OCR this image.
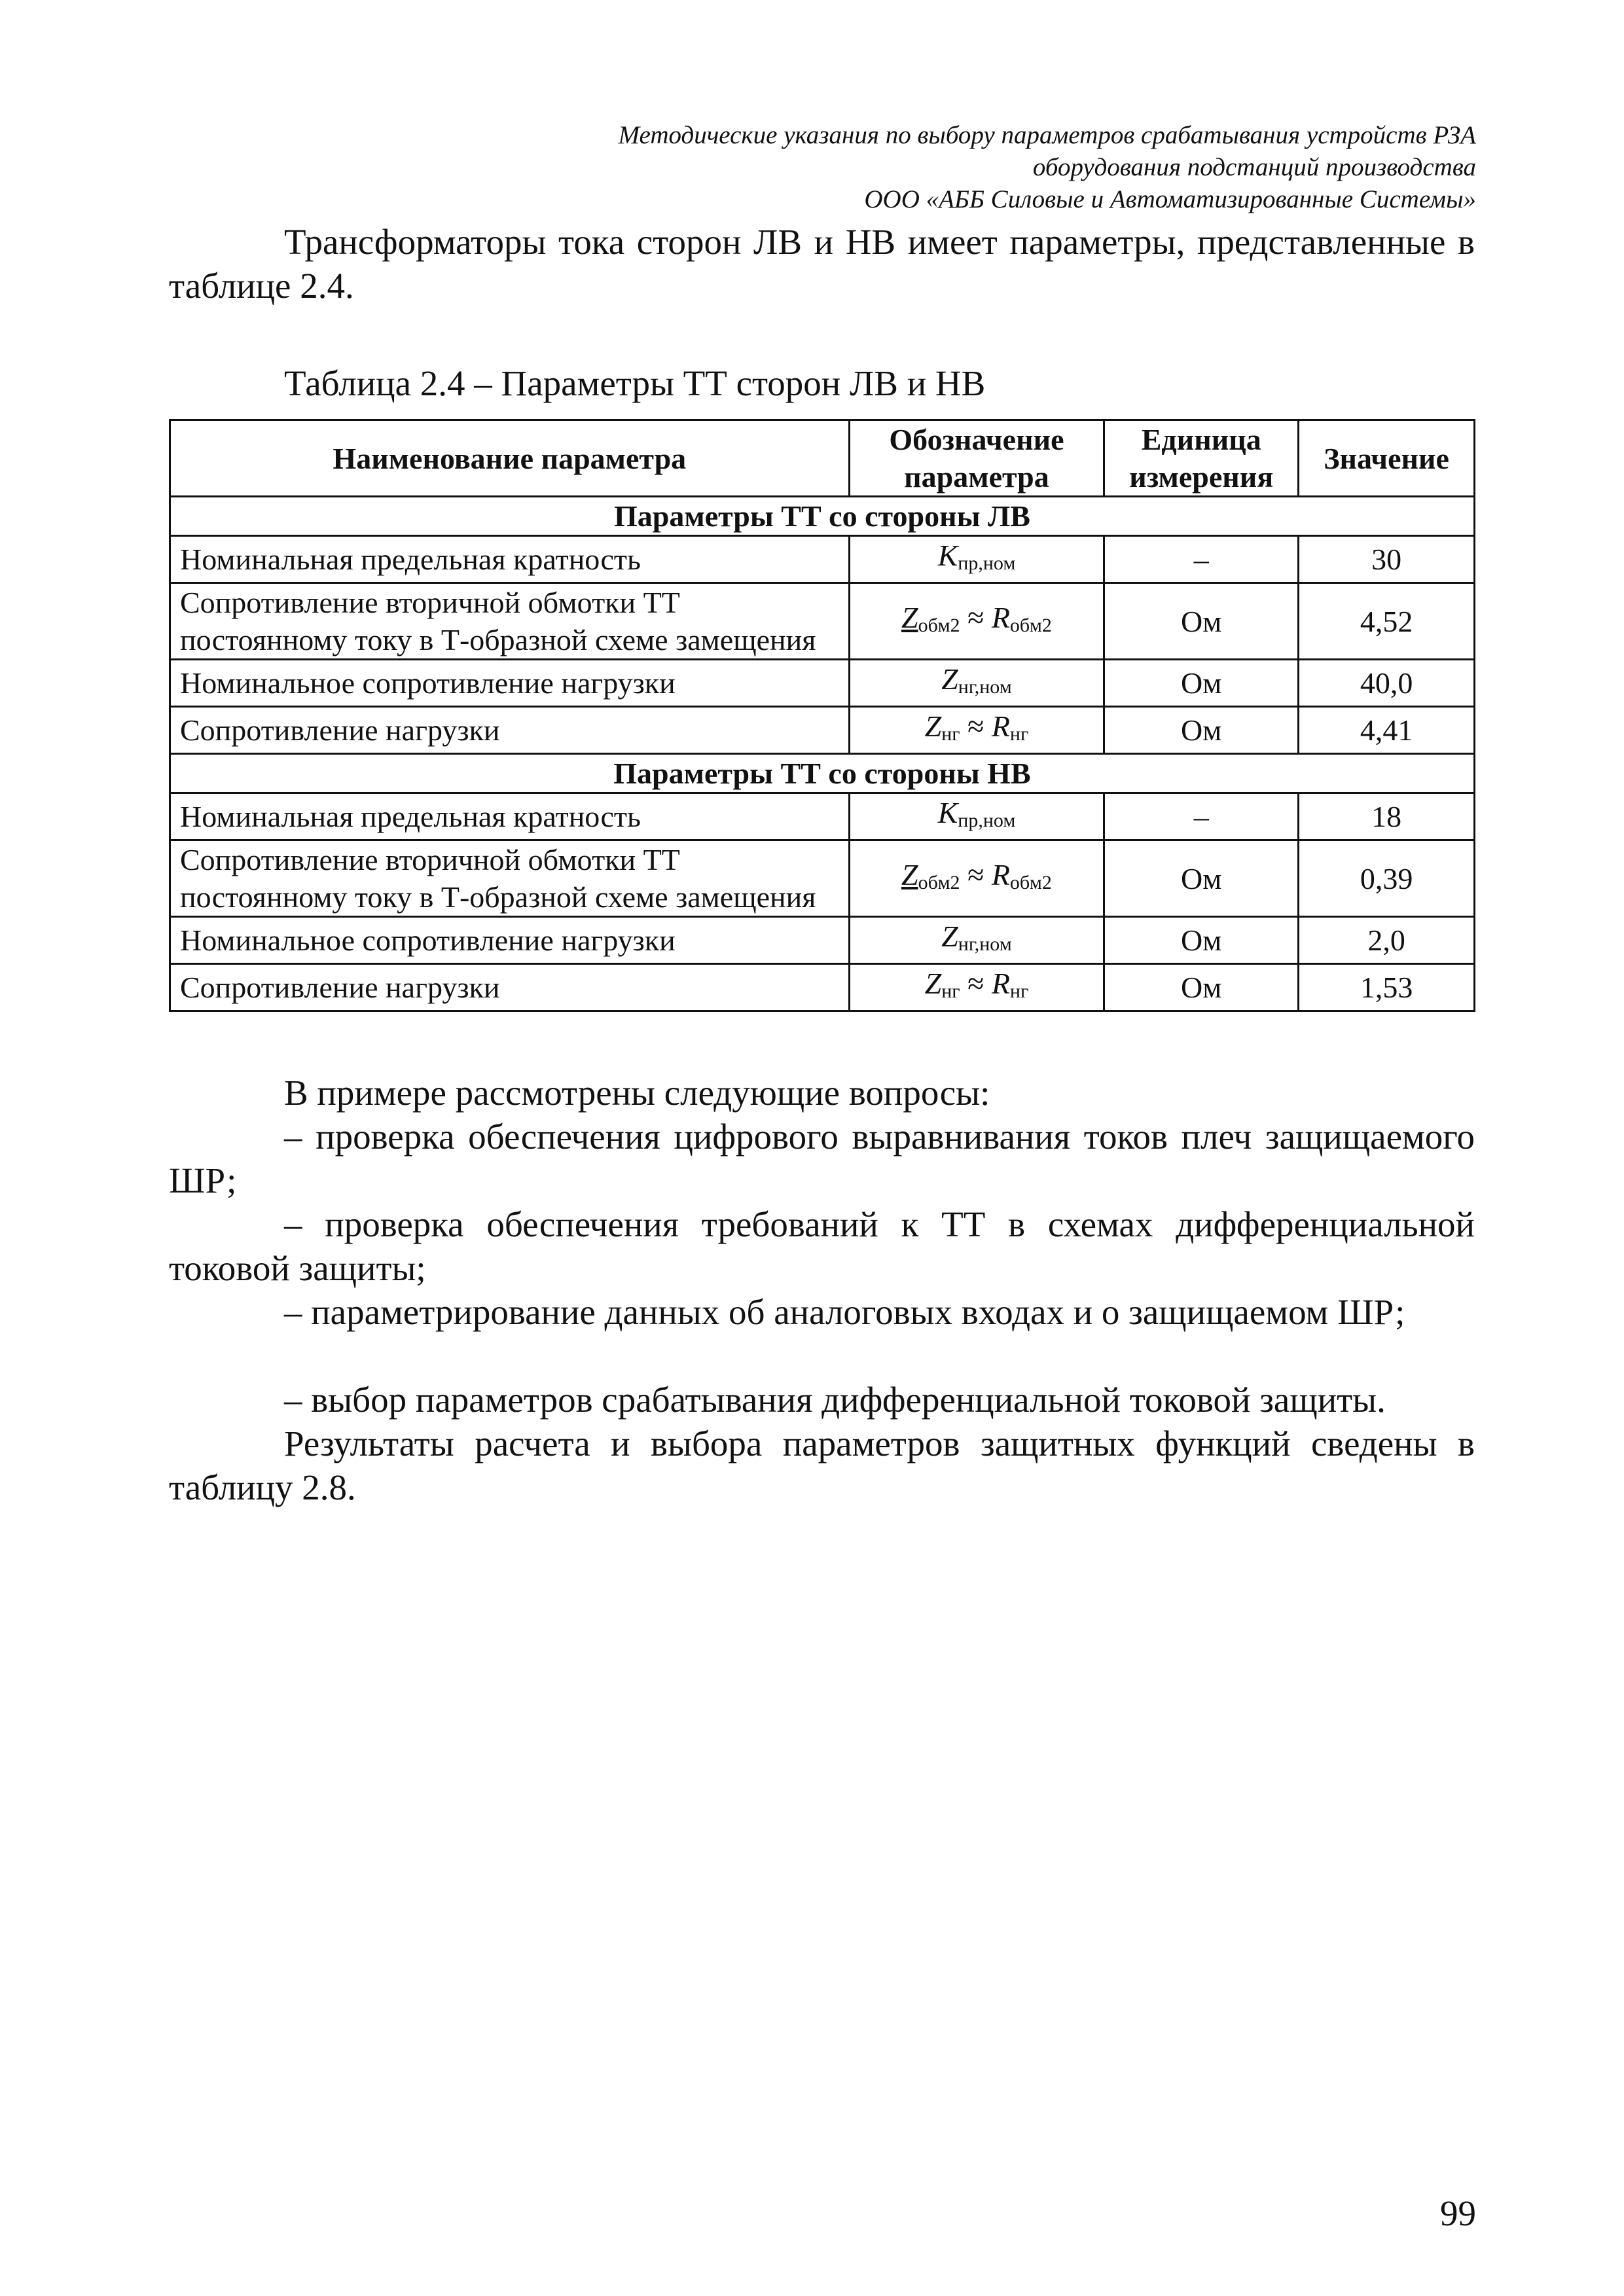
Методические указания по выбору параметров срабатывания устройств РЗА
оборудования подстанций производства
ООО «АББ Силовые и Автоматизированные Системы»
Трансформаторы тока сторон ЛВ и НВ имеет параметры, представленные в таблице 2.4.
Таблица 2.4 – Параметры ТТ сторон ЛВ и НВ
Наименование параметра	Обозначение параметра	Единица измерения	Значение
Параметры ТТ со стороны ЛВ			
Номинальная предельная кратность	$K_{пр,ном}$	–	30
Сопротивление вторичной обмотки ТТ постоянному току в Т-образной схеме замещения	$Z_{обм2} \approx R_{обм2}$	Ом	4,52
Номинальное сопротивление нагрузки	$Z_{нг,ном}$	Ом	40,0
Сопротивление нагрузки	$Z_{нг} \approx R_{нг}$	Ом	4,41
Параметры ТТ со стороны НВ			
Номинальная предельная кратность	$K_{пр,ном}$	–	18
Сопротивление вторичной обмотки ТТ постоянному току в Т-образной схеме замещения	$Z_{обм2} \approx R_{обм2}$	Ом	0,39
Номинальное сопротивление нагрузки	$Z_{нг,ном}$	Ом	2,0
Сопротивление нагрузки	$Z_{нг} \approx R_{нг}$	Ом	1,53
В примере рассмотрены следующие вопросы:
– проверка обеспечения цифрового выравнивания токов плеч защищаемого ШР;
– проверка обеспечения требований к ТТ в схемах дифференциальной токовой защиты;
– параметрирование данных об аналоговых входах и о защищаемом ШР;
– выбор параметров срабатывания дифференциальной токовой защиты.
Результаты расчета и выбора параметров защитных функций сведены в таблицу 2.8.
99
